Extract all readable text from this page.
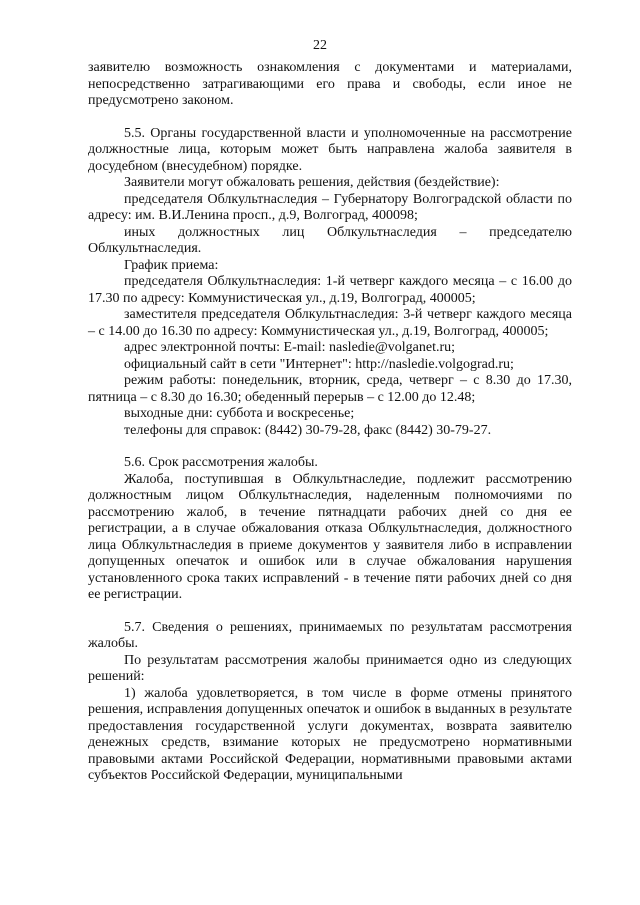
22

заявителю возможность ознакомления с документами и материалами, непосредственно затрагивающими его права и свободы, если иное не предусмотрено законом.

5.5. Органы государственной власти и уполномоченные на рассмотрение должностные лица, которым может быть направлена жалоба заявителя в досудебном (внесудебном) порядке.

Заявители могут обжаловать решения, действия (бездействие):

председателя Облкультнаследия – Губернатору Волгоградской области по адресу: им. В.И.Ленина просп., д.9, Волгоград, 400098;

иных должностных лиц Облкультнаследия – председателю Облкультнаследия.

График приема:

председателя Облкультнаследия: 1-й четверг каждого месяца – с 16.00 до 17.30 по адресу: Коммунистическая ул., д.19, Волгоград, 400005;

заместителя председателя Облкультнаследия: 3-й четверг каждого месяца – с 14.00 до 16.30 по адресу: Коммунистическая ул., д.19, Волгоград, 400005;

адрес электронной почты: E-mail: nasledie@volganet.ru;

официальный сайт в сети "Интернет": http://nasledie.volgograd.ru;

режим работы: понедельник, вторник, среда, четверг – с 8.30 до 17.30, пятница – с 8.30 до 16.30; обеденный перерыв – с 12.00 до 12.48;

выходные дни: суббота и воскресенье;

телефоны для справок: (8442) 30-79-28, факс (8442) 30-79-27.

5.6. Срок рассмотрения жалобы.

Жалоба, поступившая в Облкультнаследие, подлежит рассмотрению должностным лицом Облкультнаследия, наделенным полномочиями по рассмотрению жалоб, в течение пятнадцати рабочих дней со дня ее регистрации, а в случае обжалования отказа Облкультнаследия, должностного лица Облкультнаследия в приеме документов у заявителя либо в исправлении допущенных опечаток и ошибок или в случае обжалования нарушения установленного срока таких исправлений - в течение пяти рабочих дней со дня ее регистрации.

5.7. Сведения о решениях, принимаемых по результатам рассмотрения жалобы.

По результатам рассмотрения жалобы принимается одно из следующих решений:

1) жалоба удовлетворяется, в том числе в форме отмены принятого решения, исправления допущенных опечаток и ошибок в выданных в результате предоставления государственной услуги документах, возврата заявителю денежных средств, взимание которых не предусмотрено нормативными правовыми актами Российской Федерации, нормативными правовыми актами субъектов Российской Федерации, муниципальными
